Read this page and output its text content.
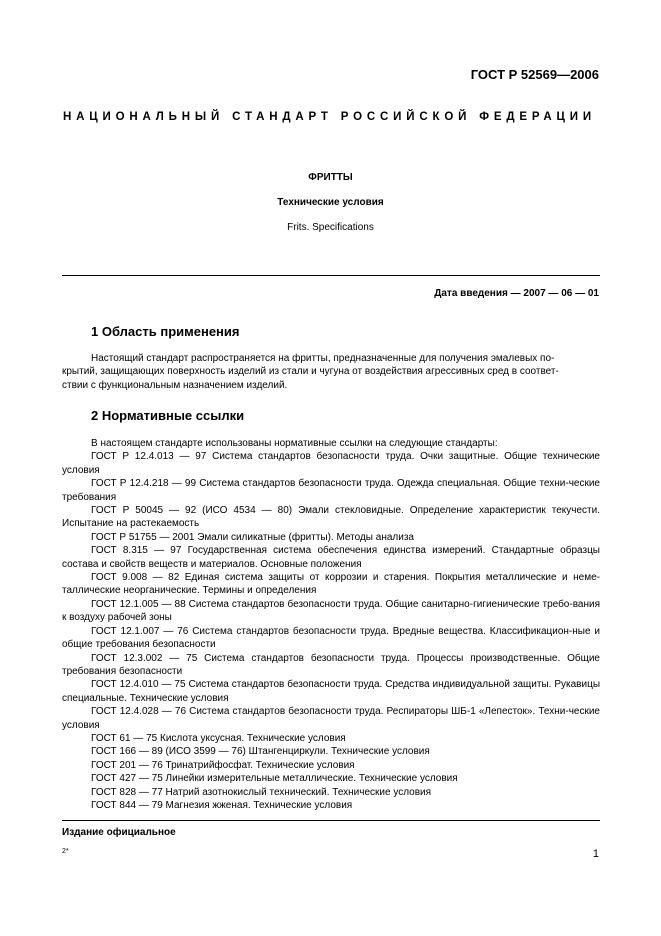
ГОСТ Р 52569—2006
НАЦИОНАЛЬНЫЙ СТАНДАРТ РОССИЙСКОЙ ФЕДЕРАЦИИ
ФРИТТЫ
Технические условия
Frits. Specifications
Дата введения — 2007 — 06 — 01
1 Область применения
Настоящий стандарт распространяется на фритты, предназначенные для получения эмалевых по-
крытий, защищающих поверхность изделий из стали и чугуна от воздействия агрессивных сред в соответ-
ствии с функциональным назначением изделий.
2 Нормативные ссылки

В настоящем стандарте использованы нормативные ссылки на следующие стандарты:

ГОСТ Р 12.4.013 — 97 Система стандартов безопасности труда. Очки защитные. Общие технические условия

ГОСТ Р 12.4.218 — 99 Система стандартов безопасности труда. Одежда специальная. Общие техни-ческие требования

ГОСТ Р 50045 — 92 (ИСО 4534 — 80) Эмали стекловидные. Определение характеристик текучести. Испытание на растекаемость

ГОСТ Р 51755 — 2001 Эмали силикатные (фритты). Методы анализа

ГОСТ 8.315 — 97 Государственная система обеспечения единства измерений. Стандартные образцы состава и свойств веществ и материалов. Основные положения

ГОСТ 9.008 — 82 Единая система защиты от коррозии и старения. Покрытия металлические и неме-таллические неорганические. Термины и определения

ГОСТ 12.1.005 — 88 Система стандартов безопасности труда. Общие санитарно-гигиенические требо-вания к воздуху рабочей зоны

ГОСТ 12.1.007 — 76 Система стандартов безопасности труда. Вредные вещества. Классификацион-ные и общие требования безопасности

ГОСТ 12.3.002 — 75 Система стандартов безопасности труда. Процессы производственные. Общие требования безопасности

ГОСТ 12.4.010 — 75 Система стандартов безопасности труда. Средства индивидуальной защиты. Рукавицы специальные. Технические условия

ГОСТ 12.4.028 — 76 Система стандартов безопасности труда. Респираторы ШБ-1 «Лепесток». Техни-ческие условия

ГОСТ 61 — 75 Кислота уксусная. Технические условия

ГОСТ 166 — 89 (ИСО 3599 — 76) Штангенциркули. Технические условия

ГОСТ 201 — 76 Тринатрийфосфат. Технические условия

ГОСТ 427 — 75 Линейки измерительные металлические. Технические условия

ГОСТ 828 — 77 Натрий азотнокислый технический. Технические условия

ГОСТ 844 — 79 Магнезия жженая. Технические условия

Издание официальное
2*	1
